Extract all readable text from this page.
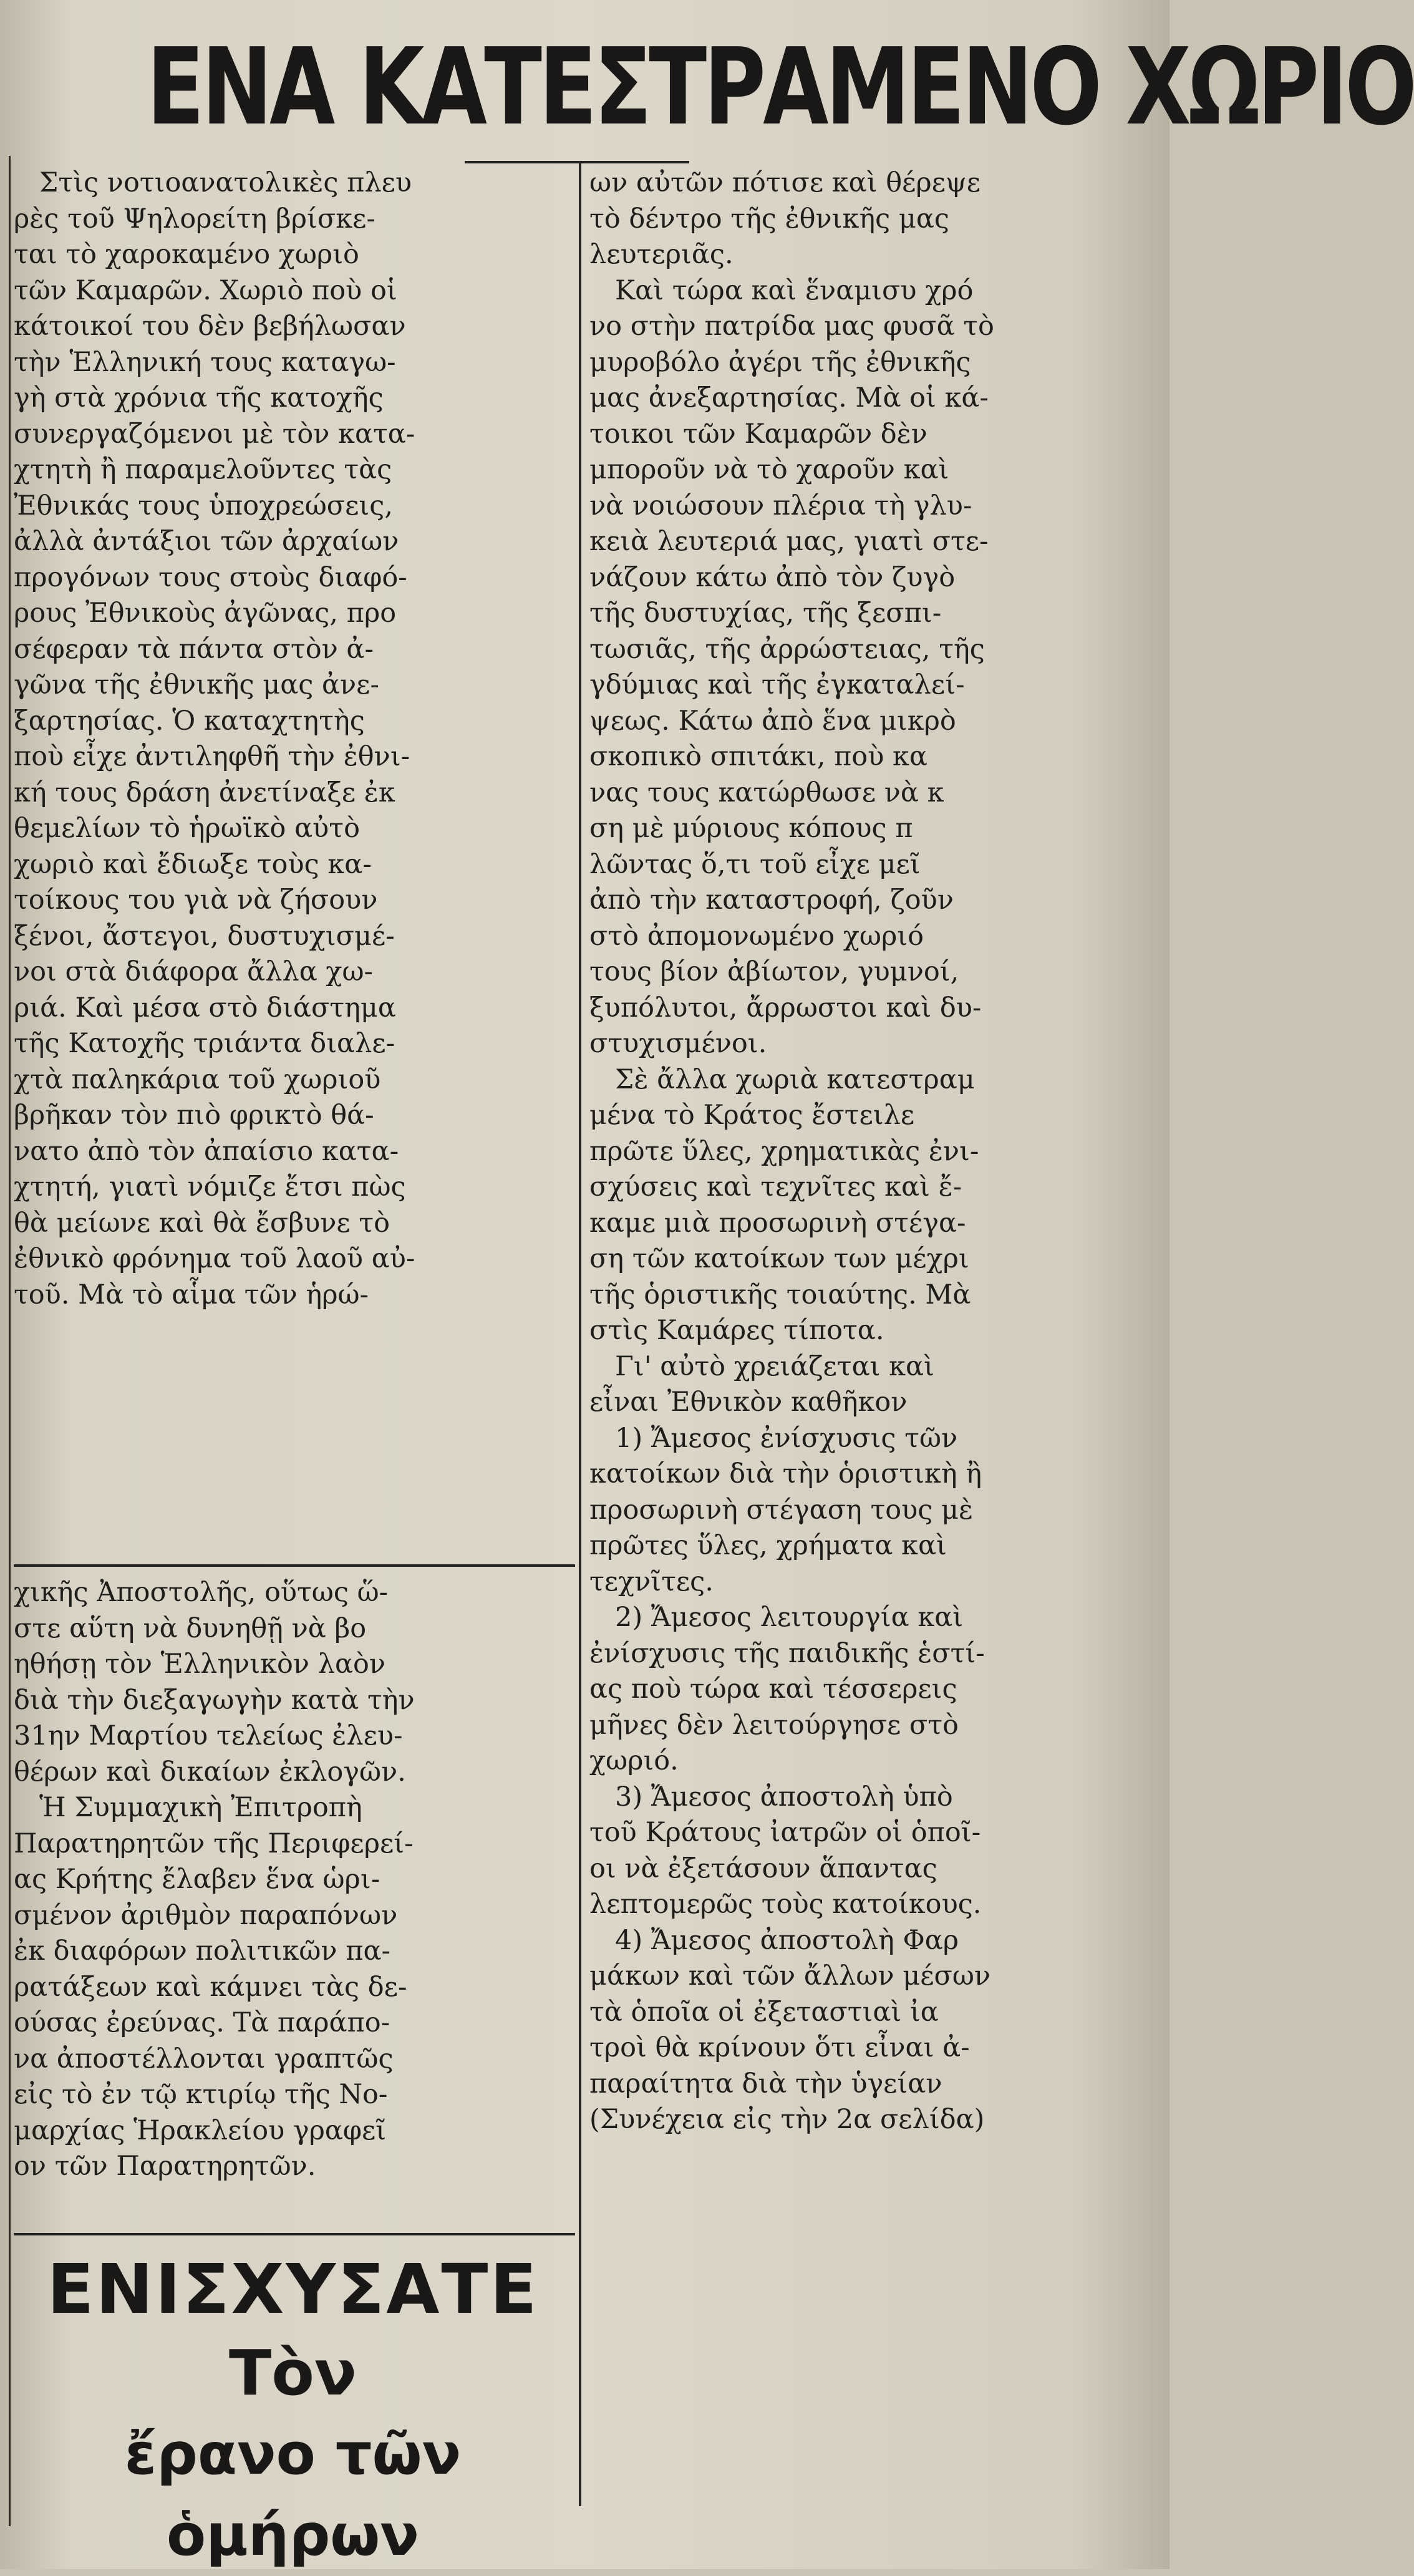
ΕΝΑ ΚΑΤΕΣΤΡΑΜΕΝΟ ΧΩΡΙΟ

Στὶς νοτιοανατολικὲς πλευ

ρὲς τοῦ Ψηλορείτη βρίσκε-

ται τὸ χαροκαμένο χωριὸ

τῶν Καμαρῶν. Χωριὸ ποὺ οἱ

κάτοικοί του δὲν βεβήλωσαν

τὴν Ἑλληνική τους καταγω-

γὴ στὰ χρόνια τῆς κατοχῆς

συνεργαζόμενοι μὲ τὸν κατα-

χτητὴ ἢ παραμελοῦντες τὰς

Ἐθνικάς τους ὑποχρεώσεις,

ἀλλὰ ἀντάξιοι τῶν ἀρχαίων

προγόνων τους στοὺς διαφό-

ρους Ἐθνικοὺς ἀγῶνας, προ

σέφεραν τὰ πάντα στὸν ἀ-

γῶνα τῆς ἐθνικῆς μας ἀνε-

ξαρτησίας. Ὁ καταχτητὴς

ποὺ εἶχε ἀντιληφθῆ τὴν ἐθνι-

κή τους δράση ἀνετίναξε ἐκ

θεμελίων τὸ ἡρωϊκὸ αὐτὸ

χωριὸ καὶ ἔδιωξε τοὺς κα-

τοίκους του γιὰ νὰ ζήσουν

ξένοι, ἄστεγοι, δυστυχισμέ-

νοι στὰ διάφορα ἄλλα χω-

ριά. Καὶ μέσα στὸ διάστημα

τῆς Κατοχῆς τριάντα διαλε-

χτὰ παληκάρια τοῦ χωριοῦ

βρῆκαν τὸν πιὸ φρικτὸ θά-

νατο ἀπὸ τὸν ἀπαίσιο κατα-

χτητή, γιατὶ νόμιζε ἔτσι πὼς

θὰ μείωνε καὶ θὰ ἔσβυνε τὸ

ἐθνικὸ φρόνημα τοῦ λαοῦ αὐ-

τοῦ. Μὰ τὸ αἷμα τῶν ἡρώ-

χικῆς Ἀποστολῆς, οὕτως ὥ-

στε αὕτη νὰ δυνηθῇ νὰ βο

ηθήσῃ τὸν Ἑλληνικὸν λαὸν

διὰ τὴν διεξαγωγὴν κατὰ τὴν

31ην Μαρτίου τελείως ἐλευ-

θέρων καὶ δικαίων ἐκλογῶν.

Ἡ Συμμαχικὴ Ἐπιτροπὴ

Παρατηρητῶν τῆς Περιφερεί-

ας Κρήτης ἔλαβεν ἕνα ὡρι-

σμένον ἀριθμὸν παραπόνων

ἐκ διαφόρων πολιτικῶν πα-

ρατάξεων καὶ κάμνει τὰς δε-

ούσας ἐρεύνας. Τὰ παράπο-

να ἀποστέλλονται γραπτῶς

εἰς τὸ ἐν τῷ κτιρίῳ τῆς Νο-

μαρχίας Ἡρακλείου γραφεῖ

ον τῶν Παρατηρητῶν.

ων αὐτῶν πότισε καὶ θέρεψε

τὸ δέντρο τῆς ἐθνικῆς μας

λευτεριᾶς.

Καὶ τώρα καὶ ἕναμισυ χρό

νο στὴν πατρίδα μας φυσᾶ τὸ

μυροβόλο ἀγέρι τῆς ἐθνικῆς

μας ἀνεξαρτησίας. Μὰ οἱ κά-

τοικοι τῶν Καμαρῶν δὲν

μποροῦν νὰ τὸ χαροῦν καὶ

νὰ νοιώσουν πλέρια τὴ γλυ-

κειὰ λευτεριά μας, γιατὶ στε-

νάζουν κάτω ἀπὸ τὸν ζυγὸ

τῆς δυστυχίας, τῆς ξεσπι-

τωσιᾶς, τῆς ἀρρώστειας, τῆς

γδύμιας καὶ τῆς ἐγκαταλεί-

ψεως. Κάτω ἀπὸ ἕνα μικρὸ

σκοπικὸ σπιτάκι, ποὺ κα

νας τους κατώρθωσε νὰ κ

ση μὲ μύριους κόπους π

λῶντας ὅ,τι τοῦ εἶχε μεῖ

ἀπὸ τὴν καταστροφή, ζοῦν

στὸ ἀπομονωμένο χωριό

τους βίον ἀβίωτον, γυμνοί,

ξυπόλυτοι, ἄρρωστοι καὶ δυ-

στυχισμένοι.

Σὲ ἄλλα χωριὰ κατεστραμ

μένα τὸ Κράτος ἔστειλε

πρῶτε ὕλες, χρηματικὰς ἐνι-

σχύσεις καὶ τεχνῖτες καὶ ἔ-

καμε μιὰ προσωρινὴ στέγα-

ση τῶν κατοίκων των μέχρι

τῆς ὁριστικῆς τοιαύτης. Μὰ

στὶς Καμάρες τίποτα.

Γι' αὐτὸ χρειάζεται καὶ

εἶναι Ἐθνικὸν καθῆκον

1) Ἄμεσος ἐνίσχυσις τῶν

κατοίκων διὰ τὴν ὁριστικὴ ἢ

προσωρινὴ στέγαση τους μὲ

πρῶτες ὕλες, χρήματα καὶ

τεχνῖτες.

2) Ἄμεσος λειτουργία καὶ

ἐνίσχυσις τῆς παιδικῆς ἑστί-

ας ποὺ τώρα καὶ τέσσερεις

μῆνες δὲν λειτούργησε στὸ

χωριό.

3) Ἄμεσος ἀποστολὴ ὑπὸ

τοῦ Κράτους ἰατρῶν οἱ ὁποῖ-

οι νὰ ἐξετάσουν ἅπαντας

λεπτομερῶς τοὺς κατοίκους.

4) Ἄμεσος ἀποστολὴ Φαρ

μάκων καὶ τῶν ἄλλων μέσων

τὰ ὁποῖα οἱ ἐξεταστιαὶ ἰα

τροὶ θὰ κρίνουν ὅτι εἶναι ἀ-

παραίτητα διὰ τὴν ὑγείαν

(Συνέχεια εἰς τὴν 2α σελίδα)

ΕΝΙΣΧΥΣΑΤΕ
Τὸν
ἔρανο τῶν ὁμήρων
